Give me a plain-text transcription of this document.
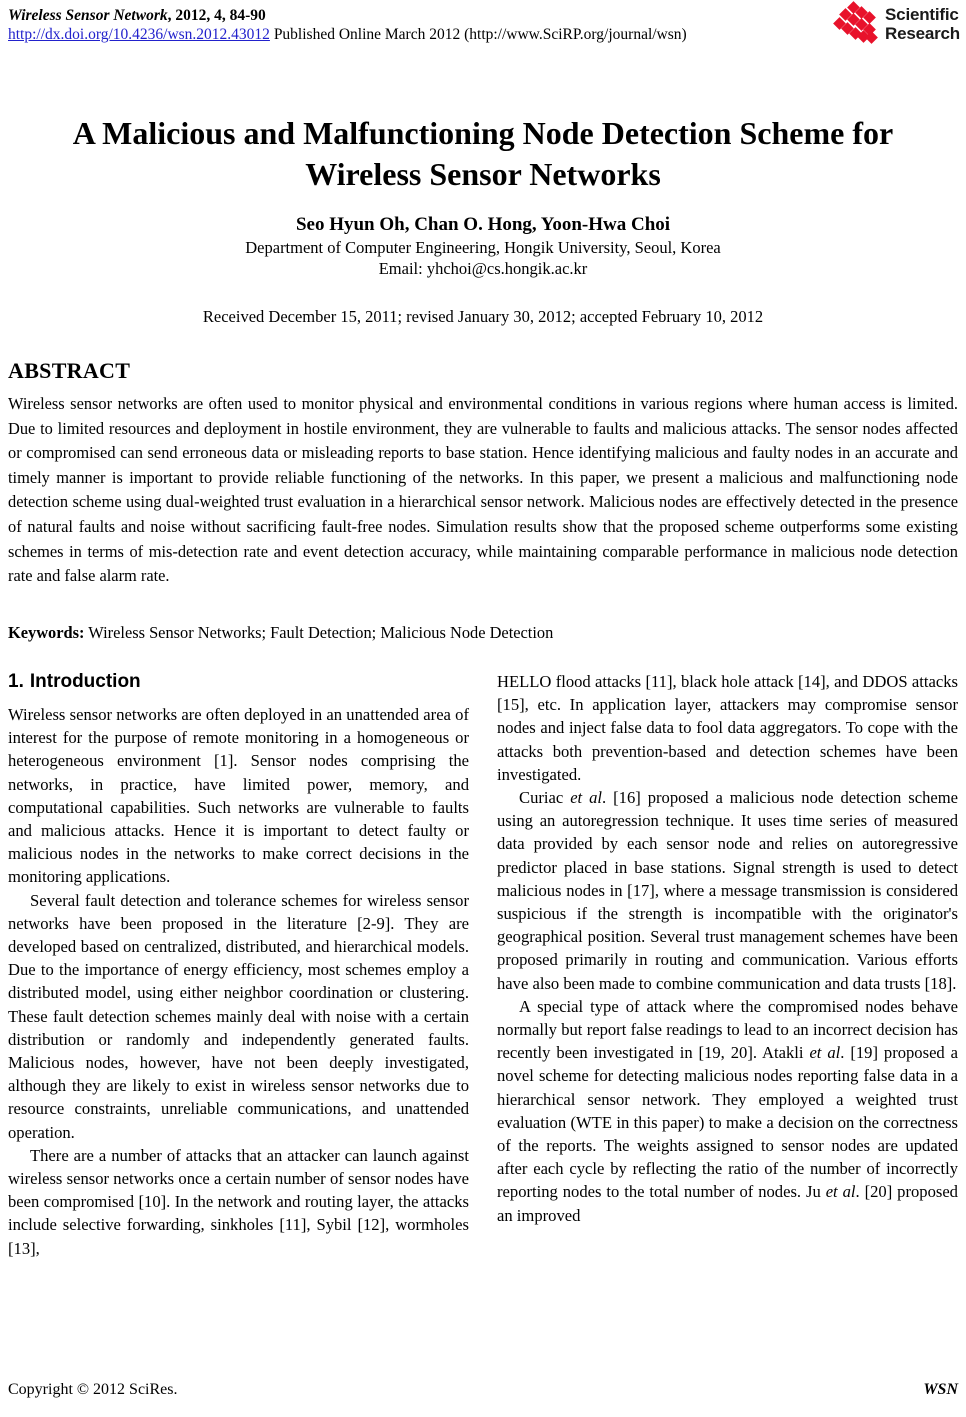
Wireless Sensor Network, 2012, 4, 84-90
http://dx.doi.org/10.4236/wsn.2012.43012 Published Online March 2012 (http://www.SciRP.org/journal/wsn)
Scientific
Research
A Malicious and Malfunctioning Node Detection Scheme for Wireless Sensor Networks
Seo Hyun Oh, Chan O. Hong, Yoon-Hwa Choi
Department of Computer Engineering, Hongik University, Seoul, Korea
Email: yhchoi@cs.hongik.ac.kr
Received December 15, 2011; revised January 30, 2012; accepted February 10, 2012
ABSTRACT
Wireless sensor networks are often used to monitor physical and environmental conditions in various regions where human access is limited. Due to limited resources and deployment in hostile environment, they are vulnerable to faults and malicious attacks. The sensor nodes affected or compromised can send erroneous data or misleading reports to base station. Hence identifying malicious and faulty nodes in an accurate and timely manner is important to provide reliable functioning of the networks. In this paper, we present a malicious and malfunctioning node detection scheme using dual-weighted trust evaluation in a hierarchical sensor network. Malicious nodes are effectively detected in the presence of natural faults and noise without sacrificing fault-free nodes. Simulation results show that the proposed scheme outperforms some existing schemes in terms of mis-detection rate and event detection accuracy, while maintaining comparable performance in malicious node detection rate and false alarm rate.
Keywords: Wireless Sensor Networks; Fault Detection; Malicious Node Detection
1. Introduction

Wireless sensor networks are often deployed in an unattended area of interest for the purpose of remote monitoring in a homogeneous or heterogeneous environment [1]. Sensor nodes comprising the networks, in practice, have limited power, memory, and computational capabilities. Such networks are vulnerable to faults and malicious attacks. Hence it is important to detect faulty or malicious nodes in the networks to make correct decisions in the monitoring applications.

Several fault detection and tolerance schemes for wireless sensor networks have been proposed in the literature [2-9]. They are developed based on centralized, distributed, and hierarchical models. Due to the importance of energy efficiency, most schemes employ a distributed model, using either neighbor coordination or clustering. These fault detection schemes mainly deal with noise with a certain distribution or randomly and independently generated faults. Malicious nodes, however, have not been deeply investigated, although they are likely to exist in wireless sensor networks due to resource constraints, unreliable communications, and unattended operation.

There are a number of attacks that an attacker can launch against wireless sensor networks once a certain number of sensor nodes have been compromised [10]. In the network and routing layer, the attacks include selective forwarding, sinkholes [11], Sybil [12], wormholes [13],

HELLO flood attacks [11], black hole attack [14], and DDOS attacks [15], etc. In application layer, attackers may compromise sensor nodes and inject false data to fool data aggregators. To cope with the attacks both prevention-based and detection schemes have been investigated.

Curiac et al. [16] proposed a malicious node detection scheme using an autoregression technique. It uses time series of measured data provided by each sensor node and relies on autoregressive predictor placed in base stations. Signal strength is used to detect malicious nodes in [17], where a message transmission is considered suspicious if the strength is incompatible with the originator's geographical position. Several trust management schemes have been proposed primarily in routing and communication. Various efforts have also been made to combine communication and data trusts [18].

A special type of attack where the compromised nodes behave normally but report false readings to lead to an incorrect decision has recently been investigated in [19, 20]. Atakli et al. [19] proposed a novel scheme for detecting malicious nodes reporting false data in a hierarchical sensor network. They employed a weighted trust evaluation (WTE in this paper) to make a decision on the correctness of the reports. The weights assigned to sensor nodes are updated after each cycle by reflecting the ratio of the number of incorrectly reporting nodes to the total number of nodes. Ju et al. [20] proposed an improved

Copyright © 2012 SciRes.	WSN
